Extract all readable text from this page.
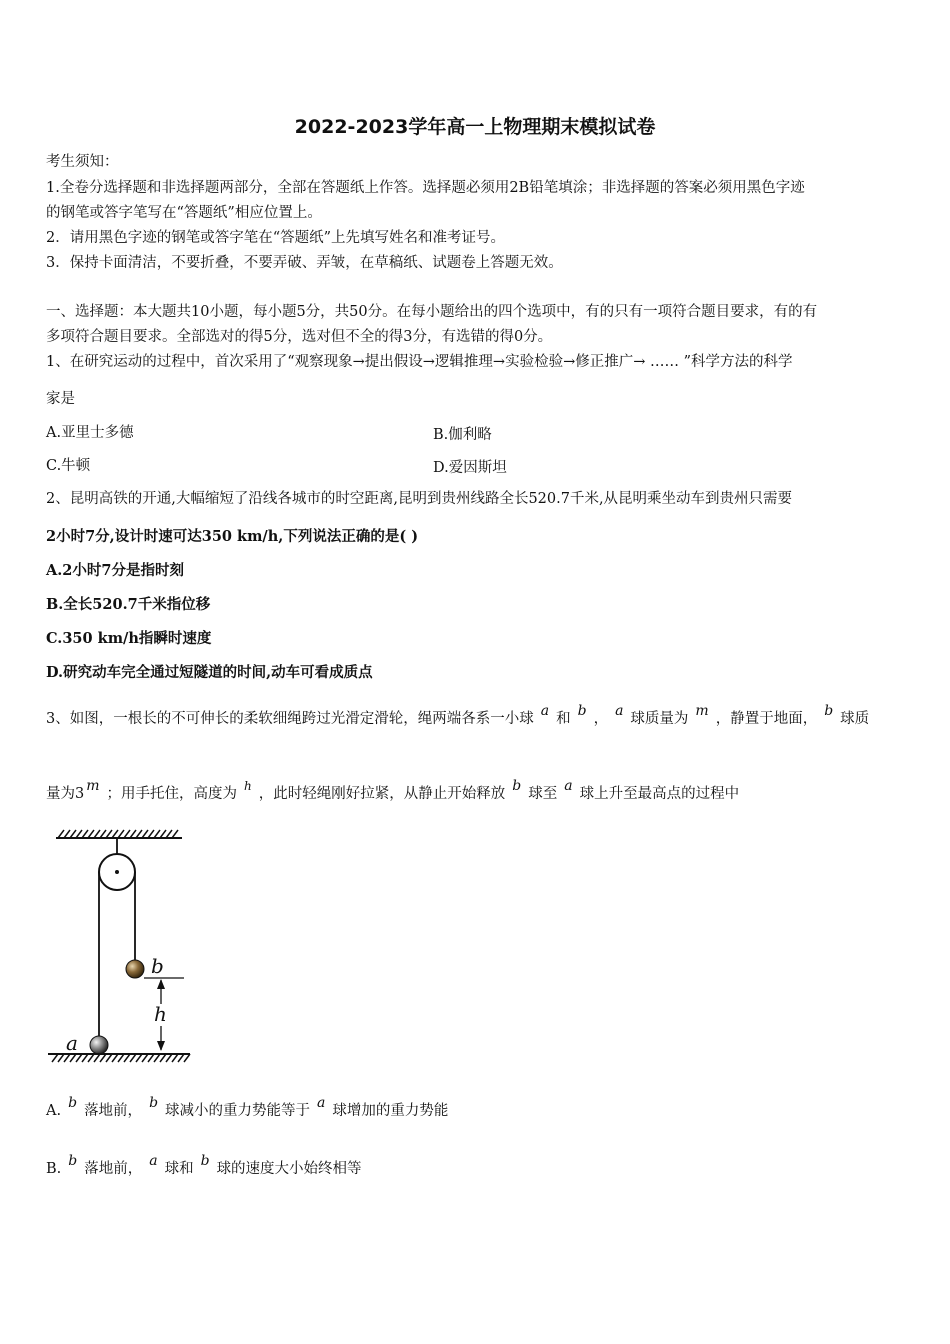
2022-2023学年高一上物理期末模拟试卷
考生须知：
1.全卷分选择题和非选择题两部分，全部在答题纸上作答。选择题必须用2B铅笔填涂；非选择题的答案必须用黑色字迹
的钢笔或答字笔写在“答题纸”相应位置上。
2．请用黑色字迹的钢笔或答字笔在“答题纸”上先填写姓名和准考证号。
3．保持卡面清洁，不要折叠，不要弄破、弄皱，在草稿纸、试题卷上答题无效。
一、选择题：本大题共10小题，每小题5分，共50分。在每小题给出的四个选项中，有的只有一项符合题目要求，有的有
多项符合题目要求。全部选对的得5分，选对但不全的得3分，有选错的得0分。
1、在研究运动的过程中，首次采用了“观察现象→提出假设→逻辑推理→实验检验→修正推广→ …… ”科学方法的科学
家是
A.亚里士多德	B.伽利略
C.牛顿	D.爱因斯坦
2、昆明高铁的开通,大幅缩短了沿线各城市的时空距离,昆明到贵州线路全长520.7千米,从昆明乘坐动车到贵州只需要
2小时7分,设计时速可达350 km/h,下列说法正确的是( )
A.2小时7分是指时刻
B.全长520.7千米指位移
C.350 km/h指瞬时速度
D.研究动车完全通过短隧道的时间,动车可看成质点
3、如图，一根长的不可伸长的柔软细绳跨过光滑定滑轮，绳两端各系一小球 a 和 b ， a 球质量为 m ，静置于地面， b 球质
量为3 m ；用手托住，高度为 $^h$ ，此时轻绳刚好拉紧，从静止开始释放 b 球至 a 球上升至最高点的过程中
b
h
a
A. b 落地前， b 球减小的重力势能等于 a 球增加的重力势能
B. b 落地前， a 球和 b 球的速度大小始终相等
